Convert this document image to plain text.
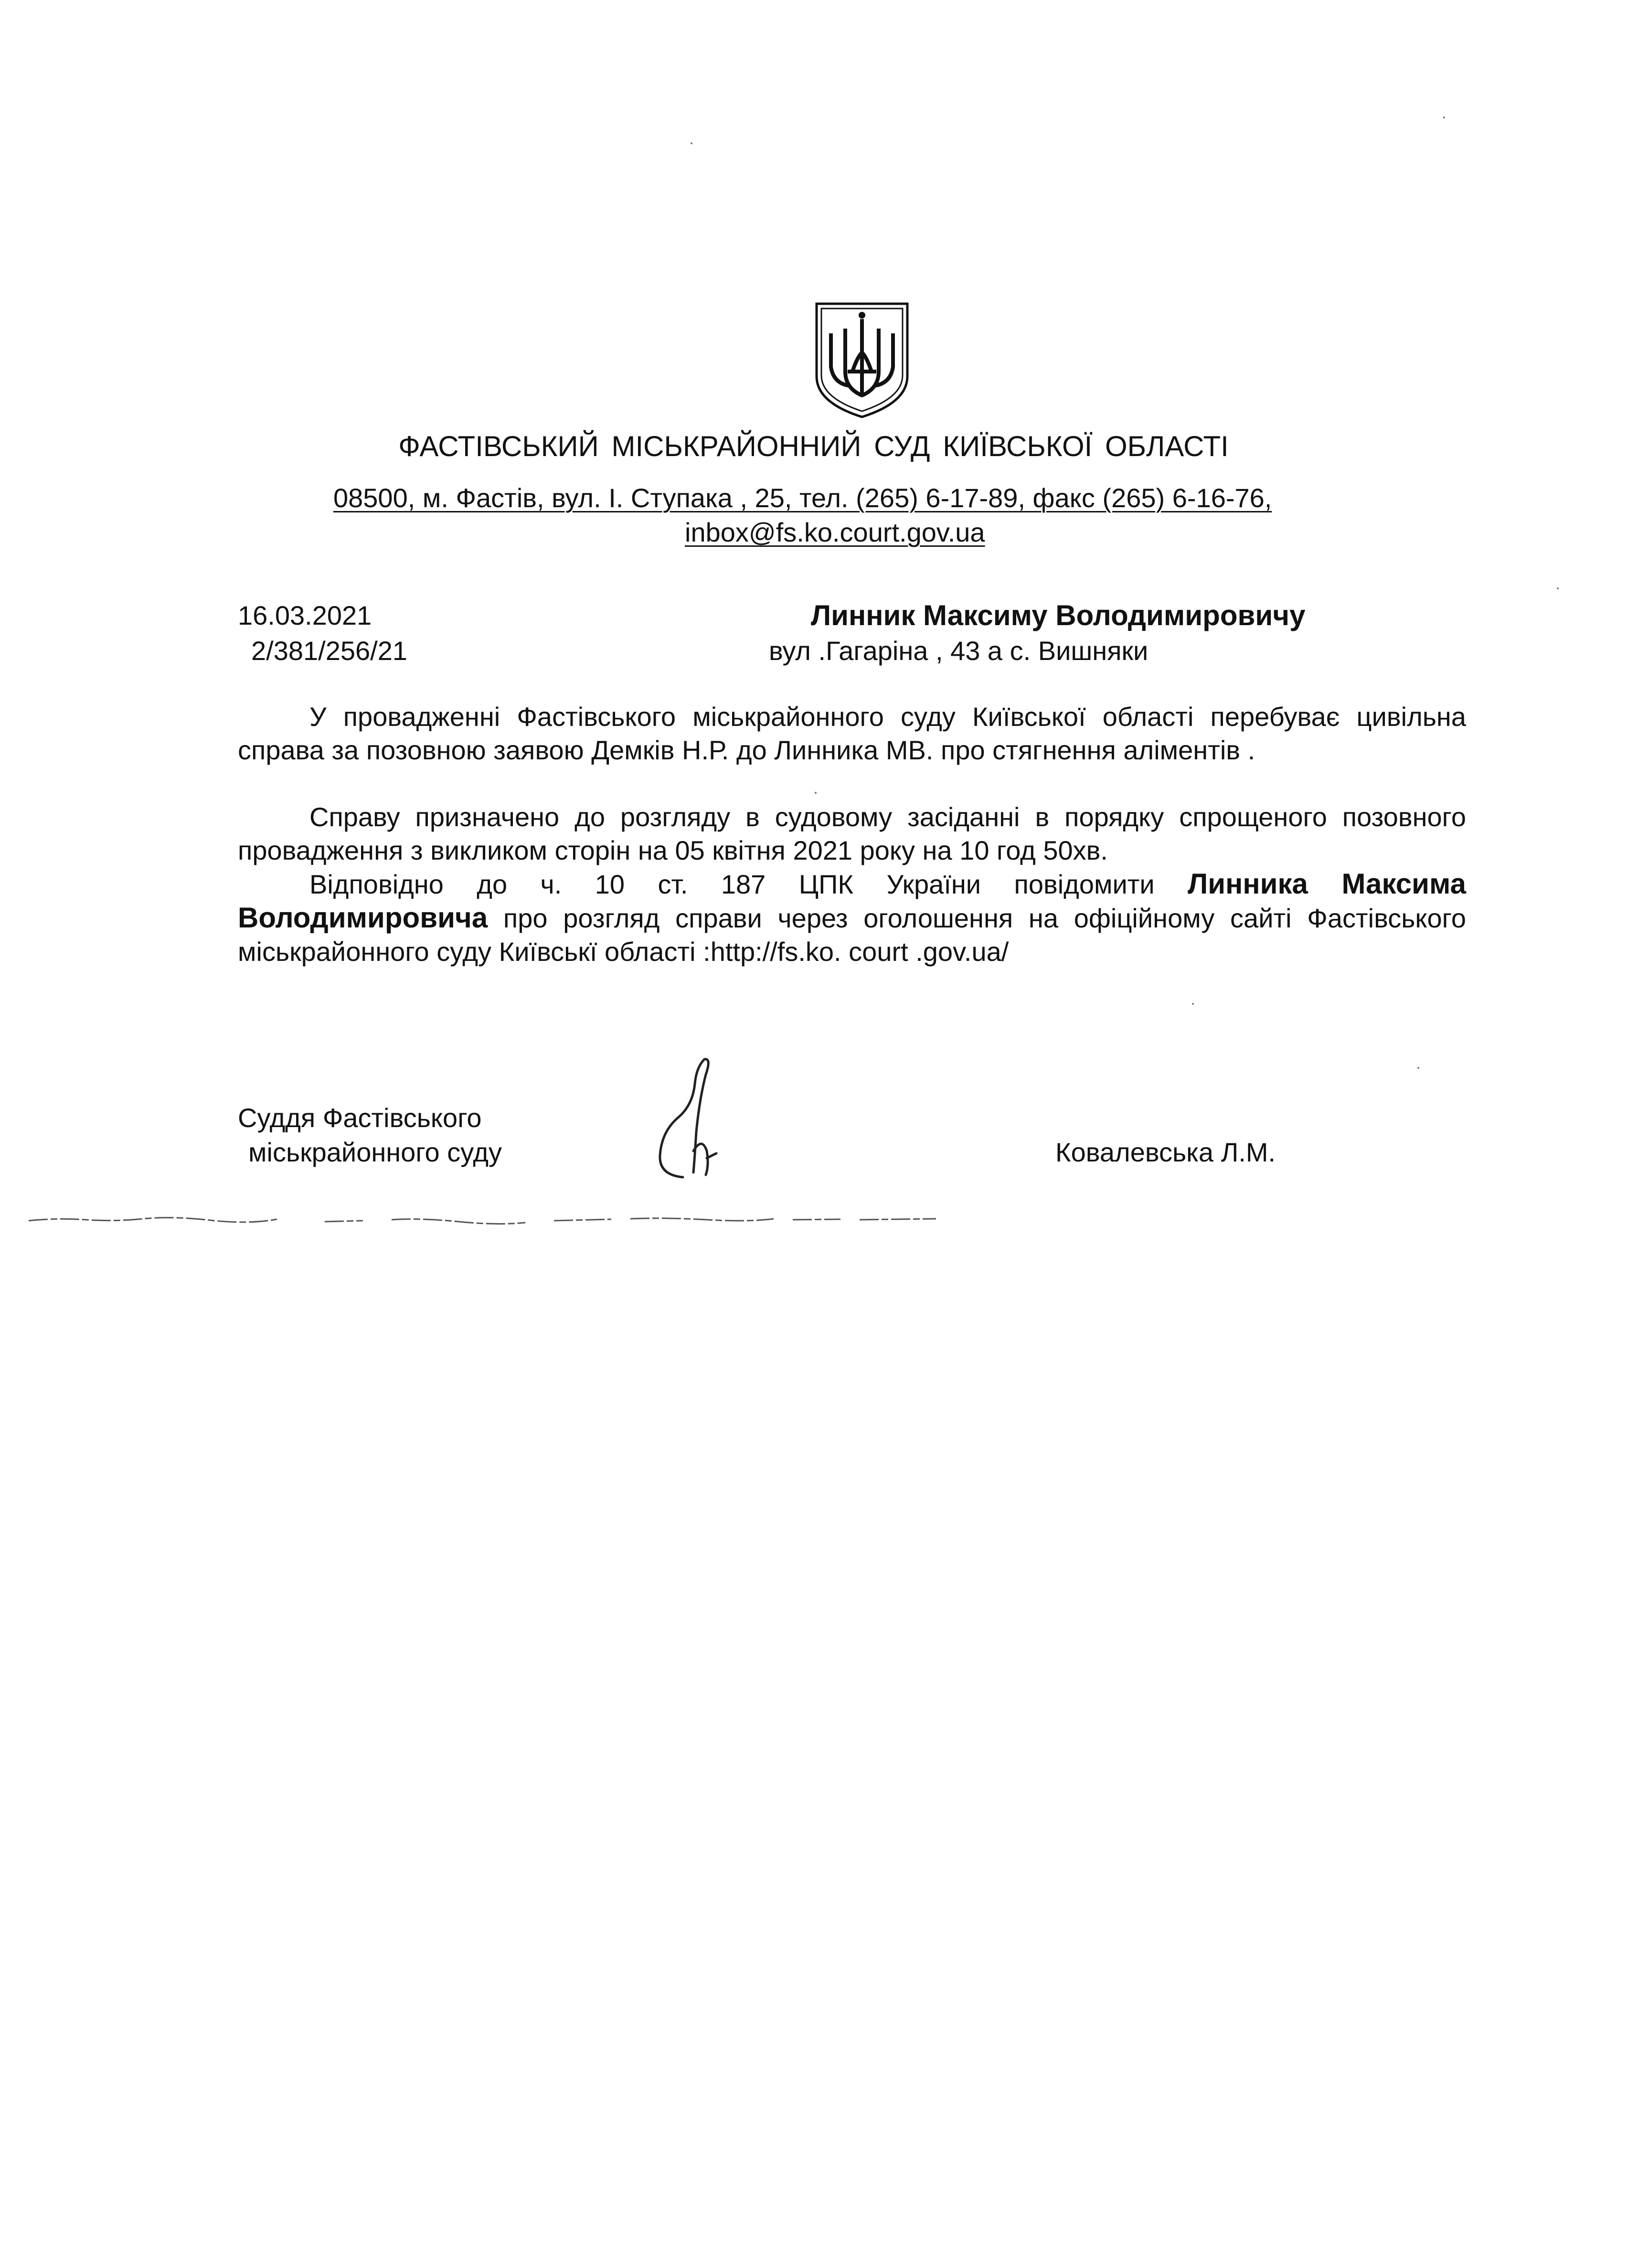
ФАСТІВСЬКИЙ МІСЬКРАЙОННИЙ СУД КИЇВСЬКОЇ ОБЛАСТІ
08500, м. Фастів, вул. І. Ступака , 25, тел. (265) 6-17-89, факс (265) 6-16-76,
inbox@fs.ko.court.gov.ua
16.03.2021
2/381/256/21
Линник Максиму Володимировичу
вул .Гагаріна , 43 а с. Вишняки
У провадженні Фастівського міськрайонного суду Київської області перебуває цивільна справа за позовною заявою Демків Н.Р. до Линника МВ. про стягнення аліментів .
Справу призначено до розгляду в судовому засіданні в порядку спрощеного позовного провадження з викликом сторін на 05 квітня 2021 року на 10 год 50хв.
Відповідно до ч. 10 ст. 187 ЦПК України повідомити Линника Максима Володимировича про розгляд справи через оголошення на офіційному сайті Фастівського міськрайонного суду Київськї області :http://fs.ko. court .gov.ua/
Суддя Фастівського
міськрайонного суду	Ковалевська Л.М.
